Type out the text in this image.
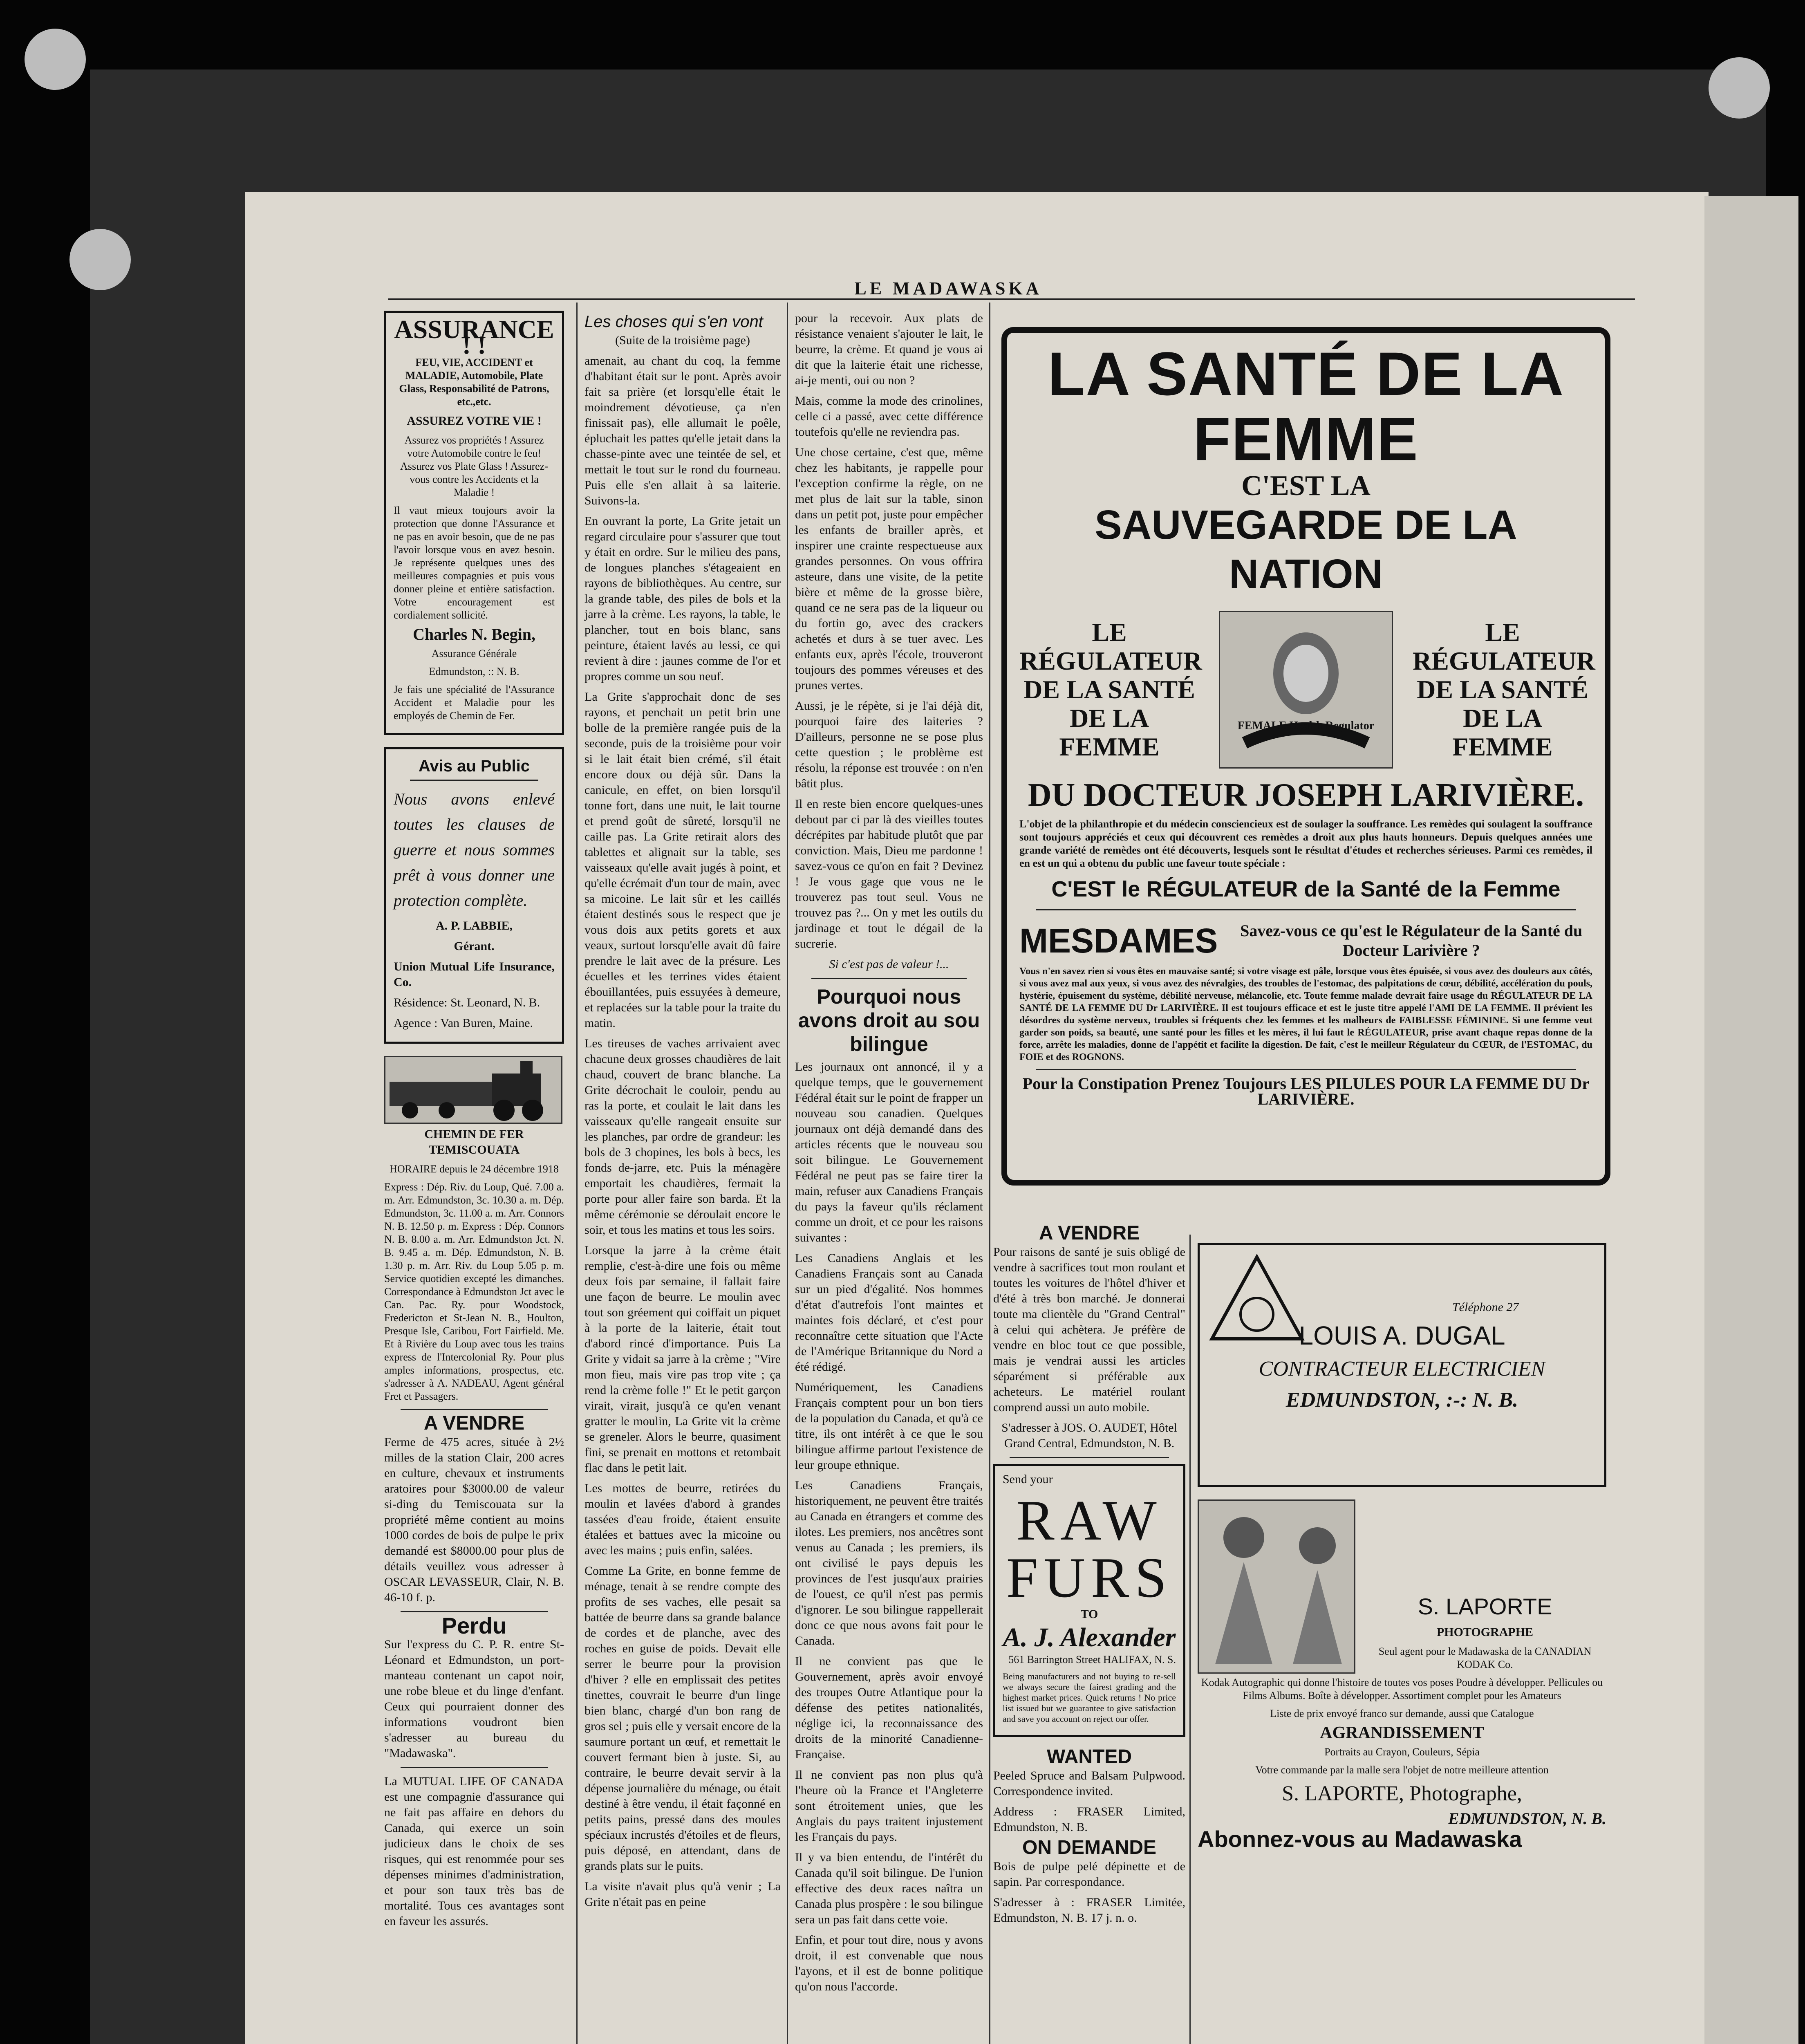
LE MADAWASKA
ASSURANCE ! !

FEU, VIE, ACCIDENT et MALADIE, Automobile, Plate Glass, Responsabilité de Patrons, etc.,etc.

ASSUREZ VOTRE VIE !

Assurez vos propriétés ! Assurez votre Automobile contre le feu! Assurez vos Plate Glass ! Assurez-vous contre les Accidents et la Maladie !

Il vaut mieux toujours avoir la protection que donne l'Assurance et ne pas en avoir besoin, que de ne pas l'avoir lorsque vous en avez besoin. Je représente quelques unes des meilleures compagnies et puis vous donner pleine et entière satisfaction. Votre encouragement est cordialement sollicité.

Charles N. Begin,

Assurance Générale

Edmundston, :: N. B.

Je fais une spécialité de l'Assurance Accident et Maladie pour les employés de Chemin de Fer.

Avis au Public

Nous avons enlevé toutes les clauses de guerre et nous sommes prêt à vous donner une protection complète.

A. P. LABBIE,

Gérant.

Union Mutual Life Insurance, Co.

Résidence: St. Leonard, N. B.

Agence : Van Buren, Maine.

CHEMIN DE FER TEMISCOUATA

HORAIRE depuis le 24 décembre 1918

Express : Dép. Riv. du Loup, Qué. 7.00 a. m. Arr. Edmundston, 3c. 10.30 a. m. Dép. Edmundston, 3c. 11.00 a. m. Arr. Connors N. B. 12.50 p. m. Express : Dép. Connors N. B. 8.00 a. m. Arr. Edmundston Jct. N. B. 9.45 a. m. Dép. Edmundston, N. B. 1.30 p. m. Arr. Riv. du Loup 5.05 p. m. Service quotidien excepté les dimanches. Correspondance à Edmundston Jct avec le Can. Pac. Ry. pour Woodstock, Fredericton et St-Jean N. B., Houlton, Presque Isle, Caribou, Fort Fairfield. Me. Et à Rivière du Loup avec tous les trains express de l'Intercolonial Ry. Pour plus amples informations, prospectus, etc. s'adresser à A. NADEAU, Agent général Fret et Passagers.

A VENDRE

Ferme de 475 acres, située à 2½ milles de la station Clair, 200 acres en culture, chevaux et instruments aratoires pour $3000.00 de valeur si-ding du Temiscouata sur la propriété même contient au moins 1000 cordes de bois de pulpe le prix demandé est $8000.00 pour plus de détails veuillez vous adresser à OSCAR LEVASSEUR, Clair, N. B. 46-10 f. p.

Perdu

Sur l'express du C. P. R. entre St-Léonard et Edmundston, un port-manteau contenant un capot noir, une robe bleue et du linge d'enfant. Ceux qui pourraient donner des informations voudront bien s'adresser au bureau du "Madawaska".

La MUTUAL LIFE OF CANADA est une compagnie d'assurance qui ne fait pas affaire en dehors du Canada, qui exerce un soin judicieux dans le choix de ses risques, qui est renommée pour ses dépenses minimes d'administration, et pour son taux très bas de mortalité. Tous ces avantages sont en faveur les assurés.

Les choses qui s'en vont

(Suite de la troisième page)

amenait, au chant du coq, la femme d'habitant était sur le pont. Après avoir fait sa prière (et lorsqu'elle était le moindrement dévotieuse, ça n'en finissait pas), elle allumait le poêle, épluchait les pattes qu'elle jetait dans la chasse-pinte avec une teintée de sel, et mettait le tout sur le rond du fourneau. Puis elle s'en allait à sa laiterie. Suivons-la.

En ouvrant la porte, La Grite jetait un regard circulaire pour s'assurer que tout y était en ordre. Sur le milieu des pans, de longues planches s'étageaient en rayons de bibliothèques. Au centre, sur la grande table, des piles de bols et la jarre à la crème. Les rayons, la table, le plancher, tout en bois blanc, sans peinture, étaient lavés au lessi, ce qui revient à dire : jaunes comme de l'or et propres comme un sou neuf.

La Grite s'approchait donc de ses rayons, et penchait un petit brin une bolle de la première rangée puis de la seconde, puis de la troisième pour voir si le lait était bien crémé, s'il était encore doux ou déjà sûr. Dans la canicule, en effet, on bien lorsqu'il tonne fort, dans une nuit, le lait tourne et prend goût de sûreté, lorsqu'il ne caille pas. La Grite retirait alors des tablettes et alignait sur la table, ses vaisseaux qu'elle avait jugés à point, et qu'elle écrémait d'un tour de main, avec sa micoine. Le lait sûr et les caillés étaient destinés sous le respect que je vous dois aux petits gorets et aux veaux, surtout lorsqu'elle avait dû faire prendre le lait avec de la présure. Les écuelles et les terrines vides étaient ébouillantées, puis essuyées à demeure, et replacées sur la table pour la traite du matin.

Les tireuses de vaches arrivaient avec chacune deux grosses chaudières de lait chaud, couvert de branc blanche. La Grite décrochait le couloir, pendu au ras la porte, et coulait le lait dans les vaisseaux qu'elle rangeait ensuite sur les planches, par ordre de grandeur: les bols de 3 chopines, les bols à becs, les fonds de-jarre, etc. Puis la ménagère emportait les chaudières, fermait la porte pour aller faire son barda. Et la même cérémonie se déroulait encore le soir, et tous les matins et tous les soirs.

Lorsque la jarre à la crème était remplie, c'est-à-dire une fois ou même deux fois par semaine, il fallait faire une façon de beurre. Le moulin avec tout son gréement qui coiffait un piquet à la porte de la laiterie, était tout d'abord rincé d'importance. Puis La Grite y vidait sa jarre à la crème ; "Vire mon fieu, mais vire pas trop vite ; ça rend la crème folle !" Et le petit garçon virait, virait, jusqu'à ce qu'en venant gratter le moulin, La Grite vit la crème se greneler. Alors le beurre, quasiment fini, se prenait en mottons et retombait flac dans le petit lait.

Les mottes de beurre, retirées du moulin et lavées d'abord à grandes tassées d'eau froide, étaient ensuite étalées et battues avec la micoine ou avec les mains ; puis enfin, salées.

Comme La Grite, en bonne femme de ménage, tenait à se rendre compte des profits de ses vaches, elle pesait sa battée de beurre dans sa grande balance de cordes et de planche, avec des roches en guise de poids. Devait elle serrer le beurre pour la provision d'hiver ? elle en emplissait des petites tinettes, couvrait le beurre d'un linge bien blanc, chargé d'un bon rang de gros sel ; puis elle y versait encore de la saumure portant un œuf, et remettait le couvert fermant bien à juste. Si, au contraire, le beurre devait servir à la dépense journalière du ménage, ou était destiné à être vendu, il était façonné en petits pains, pressé dans des moules spéciaux incrustés d'étoiles et de fleurs, puis déposé, en attendant, dans de grands plats sur le puits.

La visite n'avait plus qu'à venir ; La Grite n'était pas en peine

pour la recevoir. Aux plats de résistance venaient s'ajouter le lait, le beurre, la crème. Et quand je vous ai dit que la laiterie était une richesse, ai-je menti, oui ou non ?

Mais, comme la mode des crinolines, celle ci a passé, avec cette différence toutefois qu'elle ne reviendra pas.

Une chose certaine, c'est que, même chez les habitants, je rappelle pour l'exception confirme la règle, on ne met plus de lait sur la table, sinon dans un petit pot, juste pour empêcher les enfants de brailler après, et inspirer une crainte respectueuse aux grandes personnes. On vous offrira asteure, dans une visite, de la petite bière et même de la grosse bière, quand ce ne sera pas de la liqueur ou du fortin go, avec des crackers achetés et durs à se tuer avec. Les enfants eux, après l'école, trouveront toujours des pommes véreuses et des prunes vertes.

Aussi, je le répète, si je l'ai déjà dit, pourquoi faire des laiteries ? D'ailleurs, personne ne se pose plus cette question ; le problème est résolu, la réponse est trouvée : on n'en bâtit plus.

Il en reste bien encore quelques-unes debout par ci par là des vieilles toutes décrépites par habitude plutôt que par conviction. Mais, Dieu me pardonne ! savez-vous ce qu'on en fait ? Devinez ! Je vous gage que vous ne le trouverez pas tout seul. Vous ne trouvez pas ?... On y met les outils du jardinage et tout le dégail de la sucrerie.

Si c'est pas de valeur !...

Pourquoi nous avons droit au sou bilingue

Les journaux ont annoncé, il y a quelque temps, que le gouvernement Fédéral était sur le point de frapper un nouveau sou canadien. Quelques journaux ont déjà demandé dans des articles récents que le nouveau sou soit bilingue. Le Gouvernement Fédéral ne peut pas se faire tirer la main, refuser aux Canadiens Français du pays la faveur qu'ils réclament comme un droit, et ce pour les raisons suivantes :

Les Canadiens Anglais et les Canadiens Français sont au Canada sur un pied d'égalité. Nos hommes d'état d'autrefois l'ont maintes et maintes fois déclaré, et c'est pour reconnaître cette situation que l'Acte de l'Amérique Britannique du Nord a été rédigé.

Numériquement, les Canadiens Français comptent pour un bon tiers de la population du Canada, et qu'à ce titre, ils ont intérêt à ce que le sou bilingue affirme partout l'existence de leur groupe ethnique.

Les Canadiens Français, historiquement, ne peuvent être traités au Canada en étrangers et comme des ilotes. Les premiers, nos ancêtres sont venus au Canada ; les premiers, ils ont civilisé le pays depuis les provinces de l'est jusqu'aux prairies de l'ouest, ce qu'il n'est pas permis d'ignorer. Le sou bilingue rappellerait donc ce que nous avons fait pour le Canada.

Il ne convient pas que le Gouvernement, après avoir envoyé des troupes Outre Atlantique pour la défense des petites nationalités, néglige ici, la reconnaissance des droits de la minorité Canadienne-Française.

Il ne convient pas non plus qu'à l'heure où la France et l'Angleterre sont étroitement unies, que les Anglais du pays traitent injustement les Français du pays.

Il y va bien entendu, de l'intérêt du Canada qu'il soit bilingue. De l'union effective des deux races naîtra un Canada plus prospère : le sou bilingue sera un pas fait dans cette voie.

Enfin, et pour tout dire, nous y avons droit, il est convenable que nous l'ayons, et il est de bonne politique qu'on nous l'accorde.

LA SANTÉ DE LA FEMME
C'EST LA
SAUVEGARDE DE LA NATION
LE RÉGULATEUR DE LA SANTÉ DE LA FEMME
FEMALE Health Regulator
LE RÉGULATEUR DE LA SANTÉ DE LA FEMME
DU DOCTEUR JOSEPH LARIVIÈRE.

L'objet de la philanthropie et du médecin consciencieux est de soulager la souffrance. Les remèdes qui soulagent la souffrance sont toujours appréciés et ceux qui découvrent ces remèdes a droit aux plus hauts honneurs. Depuis quelques années une grande variété de remèdes ont été découverts, lesquels sont le résultat d'études et recherches sérieuses. Parmi ces remèdes, il en est un qui a obtenu du public une faveur toute spéciale :

C'EST le RÉGULATEUR de la Santé de la Femme
MESDAMES	Savez-vous ce qu'est le Régulateur de la Santé du Docteur Larivière ?

Vous n'en savez rien si vous êtes en mauvaise santé; si votre visage est pâle, lorsque vous êtes épuisée, si vous avez des douleurs aux côtés, si vous avez mal aux yeux, si vous avez des névralgies, des troubles de l'estomac, des palpitations de cœur, débilité, accélération du pouls, hystérie, épuisement du système, débilité nerveuse, mélancolie, etc. Toute femme malade devrait faire usage du RÉGULATEUR DE LA SANTÉ DE LA FEMME DU Dr LARIVIÈRE. Il est toujours efficace et est le juste titre appelé l'AMI DE LA FEMME. Il prévient les désordres du système nerveux, troubles si fréquents chez les femmes et les malheurs de FAIBLESSE FÉMININE. Si une femme veut garder son poids, sa beauté, une santé pour les filles et les mères, il lui faut le RÉGULATEUR, prise avant chaque repas donne de la force, arrête les maladies, donne de l'appétit et facilite la digestion. De fait, c'est le meilleur Régulateur du CŒUR, de l'ESTOMAC, du FOIE et des ROGNONS.

Pour la Constipation Prenez Toujours LES PILULES POUR LA FEMME DU Dr LARIVIÈRE.
A VENDRE

Pour raisons de santé je suis obligé de vendre à sacrifices tout mon roulant et toutes les voitures de l'hôtel d'hiver et d'été à très bon marché. Je donnerai toute ma clientèle du "Grand Central" à celui qui achètera. Je préfère de vendre en bloc tout ce que possible, mais je vendrai aussi les articles séparément si préférable aux acheteurs. Le matériel roulant comprend aussi un auto mobile.

S'adresser à JOS. O. AUDET, Hôtel Grand Central, Edmundston, N. B.

Send your

RAW
FURS
TO
A. J. Alexander

561 Barrington Street HALIFAX, N. S.

Being manufacturers and not buying to re-sell we always secure the fairest grading and the highest market prices. Quick returns ! No price list issued but we guarantee to give satisfaction and save you account on reject our offer.

WANTED

Peeled Spruce and Balsam Pulpwood. Correspondence invited.

Address : FRASER Limited, Edmundston, N. B.

ON DEMANDE

Bois de pulpe pelé dépinette et de sapin. Par correspondance.

S'adresser à : FRASER Limitée, Edmundston, N. B. 17 j. n. o.

Téléphone 27

LOUIS A. DUGAL

CONTRACTEUR ELECTRICIEN

EDMUNDSTON, :-: N. B.

S. LAPORTE

PHOTOGRAPHE

Seul agent pour le Madawaska de la CANADIAN KODAK Co.

Kodak Autographic qui donne l'histoire de toutes vos poses Poudre à développer. Pellicules ou Films Albums. Boîte à développer. Assortiment complet pour les Amateurs

Liste de prix envoyé franco sur demande, aussi que Catalogue

AGRANDISSEMENT

Portraits au Crayon, Couleurs, Sépia

Votre commande par la malle sera l'objet de notre meilleure attention

S. LAPORTE, Photographe,

EDMUNDSTON, N. B.

Abonnez-vous au Madawaska
